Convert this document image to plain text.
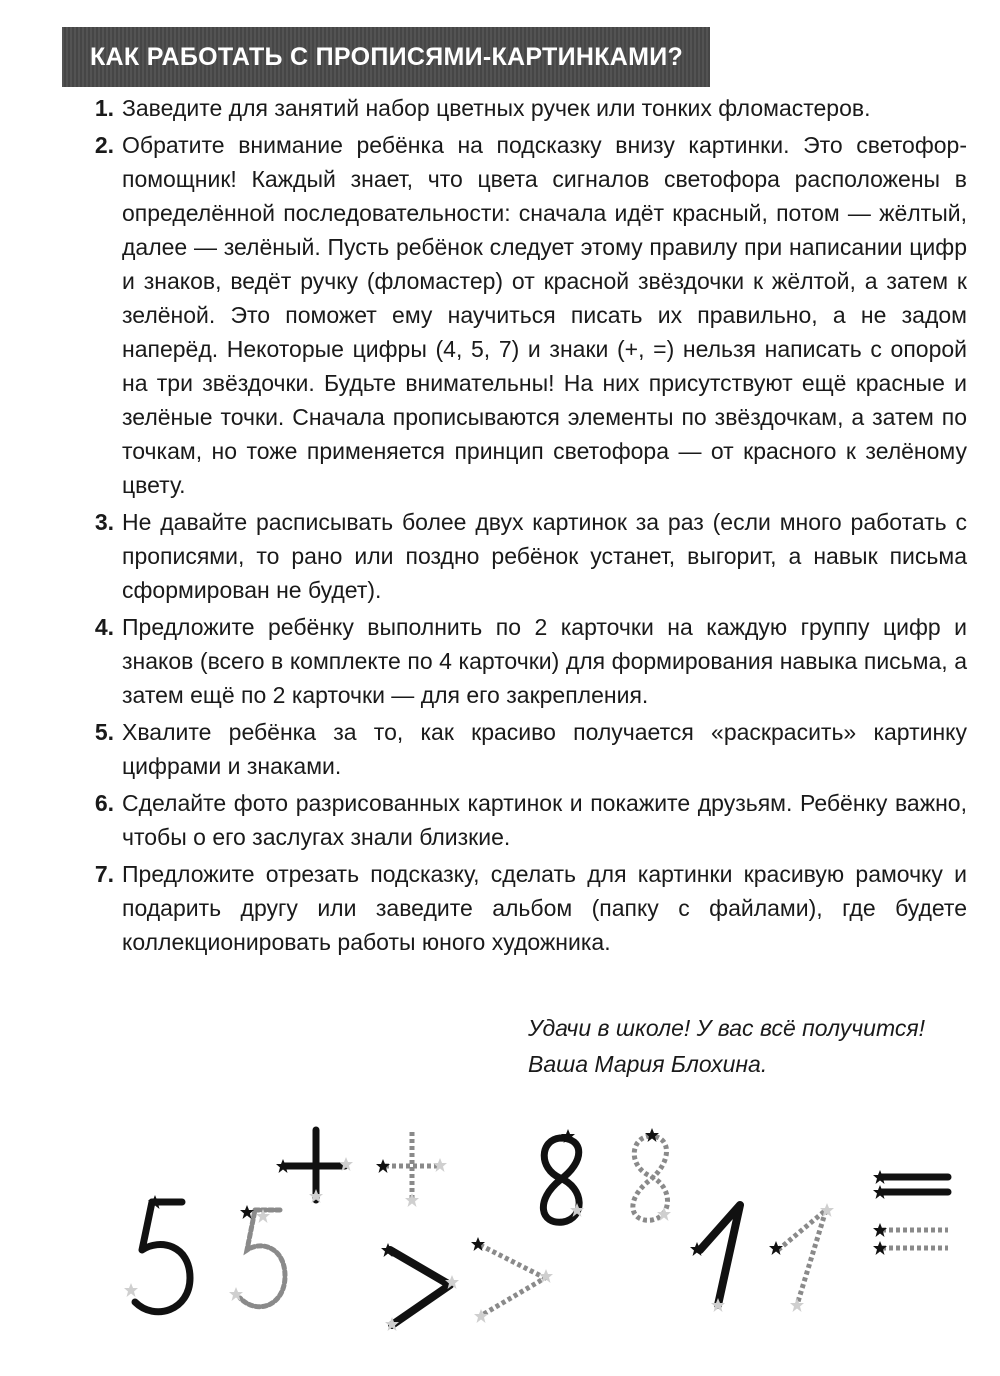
КАК РАБОТАТЬ С ПРОПИСЯМИ-КАРТИНКАМИ?
1. Заведите для занятий набор цветных ручек или тонких фломастеров.
2. Обратите внимание ребёнка на подсказку внизу картинки. Это светофор-помощник! Каждый знает, что цвета сигналов светофора расположены в определённой последовательности: сначала идёт красный, потом — жёлтый, далее — зелёный. Пусть ребёнок следует этому правилу при написании цифр и знаков, ведёт ручку (фломастер) от красной звёздочки к жёлтой, а затем к зелёной. Это поможет ему научиться писать их правильно, а не задом наперёд. Некоторые цифры (4, 5, 7) и знаки (+, =) нельзя написать с опорой на три звёздочки. Будьте внимательны! На них присутствуют ещё красные и зелёные точки. Сначала прописываются элементы по звёздочкам, а затем по точкам, но тоже применяется принцип светофора — от красного к зелёному цвету.
3. Не давайте расписывать более двух картинок за раз (если много работать с прописями, то рано или поздно ребёнок устанет, выгорит, а навык письма сформирован не будет).
4. Предложите ребёнку выполнить по 2 карточки на каждую группу цифр и знаков (всего в комплекте по 4 карточки) для формирования навыка письма, а затем ещё по 2 карточки — для его закрепления.
5. Хвалите ребёнка за то, как красиво получается «раскрасить» картинку цифрами и знаками.
6. Сделайте фото разрисованных картинок и покажите друзьям. Ребёнку важно, чтобы о его заслугах знали близкие.
7. Предложите отрезать подсказку, сделать для картинки красивую рамочку и подарить другу или заведите альбом (папку с файлами), где будете коллекционировать работы юного художника.
Удачи в школе! У вас всё получится!
Ваша Мария Блохина.
